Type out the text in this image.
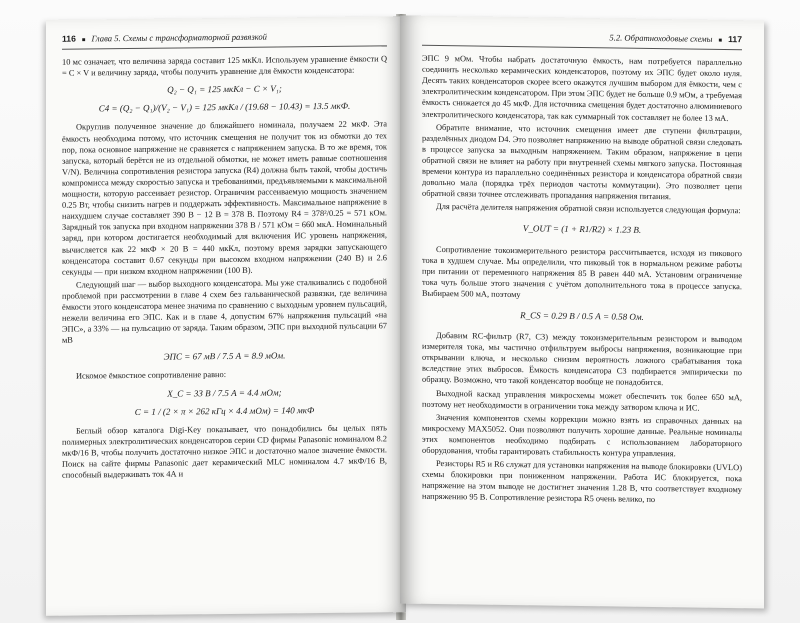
116 ■ Глава 5. Схемы с трансформаторной развязкой

10 мс означает, что величина заряда составит 125 мкКл. Используем уравнение ёмкости Q = C × V и величину заряда, чтобы получить уравнение для ёмкости конденсатора:

Q₂ − Q₁ = 125 мкКл − C × V₁;
C4 = (Q₂ − Q₁)/(V₂ − V₁) = 125 мкКл / (19.68 − 10.43) = 13.5 мкФ.

Округлив полученное значение до ближайшего номинала, получаем 22 мкФ. Эта ёмкость необходима потому, что источник смещения не получит ток из обмотки до тех пор, пока основное напряжение не сравняется с напряжением запуска. В то же время, ток запуска, который берётся не из отдельной обмотки, не может иметь равные соотношения V/N). Величина сопротивления резистора запуска (R4) должна быть такой, чтобы достичь компромисса между скоростью запуска и требованиями, предъявляемыми к максимальной мощности, которую рассеивает резистор. Ограничим рассеиваемую мощность значением 0.25 Вт, чтобы снизить нагрев и поддержать эффективность. Максимальное напряжение в наихудшем случае составляет 390 В − 12 В = 378 В. Поэтому R4 = 378²/0.25 = 571 кОм. Зарядный ток запуска при входном напряжении 378 В / 571 кОм = 660 мкА. Номинальный заряд, при котором достигается необходимый для включения ИС уровень напряжения, вычисляется как 22 мкФ × 20 В = 440 мкКл, поэтому время зарядки запускающего конденсатора составит 0.67 секунды при высоком входном напряжении (240 В) и 2.6 секунды — при низком входном напряжении (100 В).

Следующий шаг — выбор выходного конденсатора. Мы уже сталкивались с подобной проблемой при рассмотрении в главе 4 схем без гальванической развязки, где величина ёмкости этого конденсатора менее значима по сравнению с выходным уровнем пульсаций, нежели величина его ЭПС. Как и в главе 4, допустим 67% напряжения пульсаций «на ЭПС», а 33% — на пульсацию от заряда. Таким образом, ЭПС при выходной пульсации 67 мВ

ЭПС = 67 мВ / 7.5 А = 8.9 мОм.

Искомое ёмкостное сопротивление равно:

X_C = 33 В / 7.5 А = 4.4 мОм;
C = 1 / (2 × π × 262 кГц × 4.4 мОм) = 140 мкФ

Беглый обзор каталога Digi-Key показывает, что понадобились бы целых пять полимерных электролитических конденсаторов серии CD фирмы Panasonic номиналом 8.2 мкФ/16 В, чтобы получить достаточно низкое ЭПС и достаточно малое значение ёмкости. Поиск на сайте фирмы Panasonic дает керамический MLC номиналом 4.7 мкФ/16 В, способный выдерживать ток 4А и

5.2. Обратноходовые схемы ■ 117

ЭПС 9 мОм. Чтобы набрать достаточную ёмкость, нам потребуется параллельно соединить несколько керамических конденсаторов, поэтому их ЭПС будет около нуля. Десять таких конденсаторов скорее всего окажутся лучшим выбором для ёмкости, чем с электролитическим конденсатором. При этом ЭПС будет не больше 0.9 мОм, а требуемая ёмкость снижается до 45 мкФ. Для источника смещения будет достаточно алюминиевого электролитического конденсатора, так как суммарный ток составляет не более 13 мА.

Обратите внимание, что источник смещения имеет две ступени фильтрации, разделённых диодом D4. Это позволяет напряжению на выводе обратной связи следовать в процессе запуска за выходным напряжением. Таким образом, напряжение в цепи обратной связи не влияет на работу при внутренней схемы мягкого запуска. Постоянная времени контура из параллельно соединённых резистора и конденсатора обратной связи довольно мала (порядка трёх периодов частоты коммутации). Это позволяет цепи обратной связи точнее отслеживать пропадания напряжения питания.

Для расчёта делителя напряжения обратной связи используется следующая формула:

V_OUT = (1 + R1/R2) × 1.23 В.

Сопротивление токоизмерительного резистора рассчитывается, исходя из пикового тока в худшем случае. Мы определили, что пиковый ток в нормальном режиме работы при питании от переменного напряжения 85 В равен 440 мА. Установим ограничение тока чуть больше этого значения с учётом дополнительного тока в процессе запуска. Выбираем 500 мА, поэтому

R_CS = 0.29 В / 0.5 А = 0.58 Ом.

Добавим RC-фильтр (R7, C3) между токоизмерительным резистором и выводом измерителя тока, мы частично отфильтруем выбросы напряжения, возникающие при открывании ключа, и несколько снизим вероятность ложного срабатывания тока вследствие этих выбросов. Ёмкость конденсатора C3 подбирается эмпирически по образцу. Возможно, что такой конденсатор вообще не понадобится.

Выходной каскад управления микросхемы может обеспечить ток более 650 мА, поэтому нет необходимости в ограничении тока между затвором ключа и ИС.

Значения компонентов схемы коррекции можно взять из справочных данных на микросхему MAX5052. Они позволяют получить хорошие данные. Реальные номиналы этих компонентов необходимо подбирать с использованием лабораторного оборудования, чтобы гарантировать стабильность контура управления.

Резисторы R5 и R6 служат для установки напряжения на выводе блокировки (UVLO) схемы блокировки при пониженном напряжении. Работа ИС блокируется, пока напряжение на этом выводе не достигнет значения 1.28 В, что соответствует входному напряжению 95 В. Сопротивление резистора R5 очень велико, по
